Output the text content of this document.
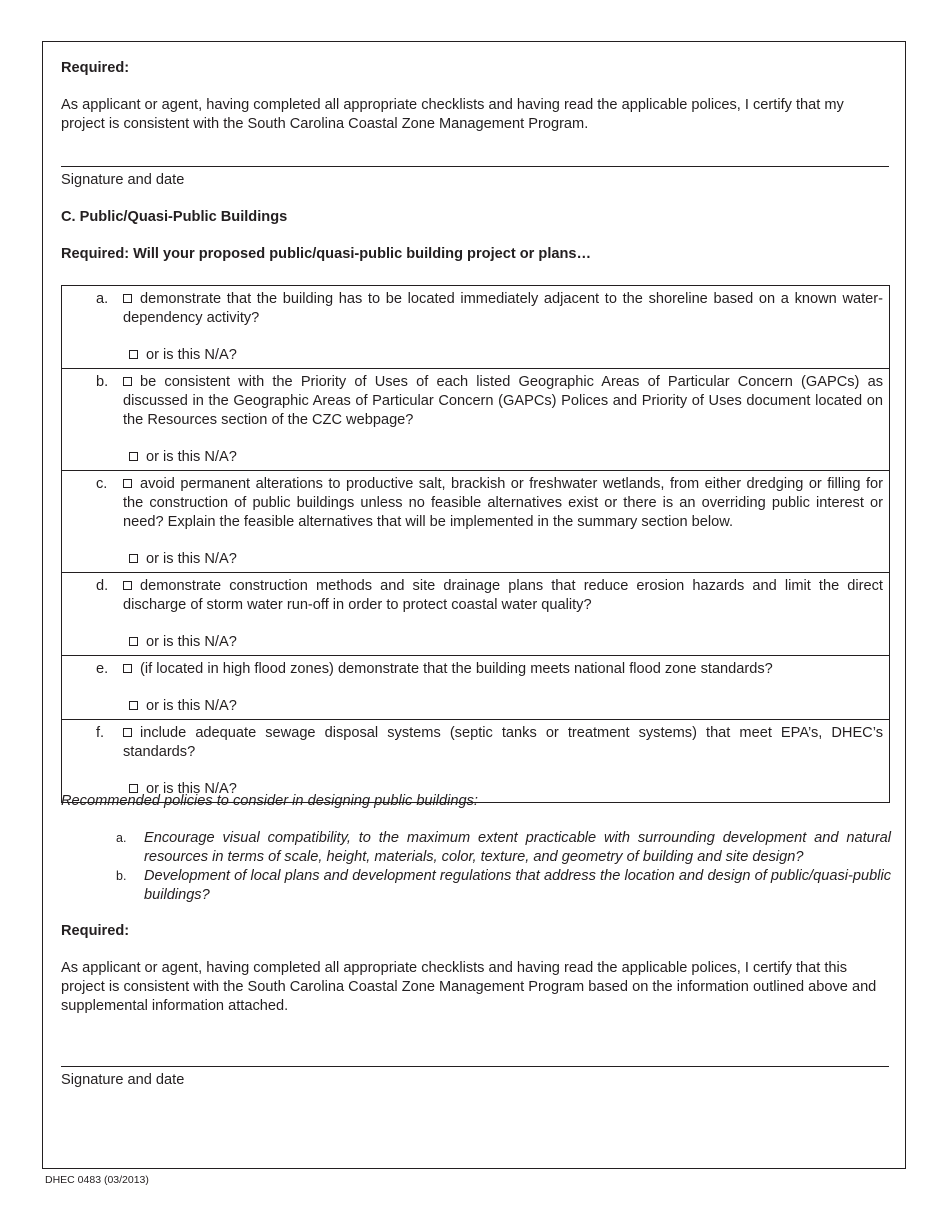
Required:
As applicant or agent, having completed all appropriate checklists and having read the applicable polices, I certify that my project is consistent with the South Carolina Coastal Zone Management Program.
Signature and date
C. Public/Quasi-Public Buildings
Required: Will your proposed public/quasi-public building project or plans…
a.	demonstrate that the building has to be located immediately adjacent to the shoreline based on a known water-dependency activity?
or is this N/A?

b.	be consistent with the Priority of Uses of each listed Geographic Areas of Particular Concern (GAPCs) as discussed in the Geographic Areas of Particular Concern (GAPCs) Polices and Priority of Uses document located on the Resources section of the CZC webpage?
or is this N/A?

c.	avoid permanent alterations to productive salt, brackish or freshwater wetlands, from either dredging or filling for the construction of public buildings unless no feasible alternatives exist or there is an overriding public interest or need? Explain the feasible alternatives that will be implemented in the summary section below.
or is this N/A?

d.	demonstrate construction methods and site drainage plans that reduce erosion hazards and limit the direct discharge of storm water run-off in order to protect coastal water quality?
or is this N/A?

e.	(if located in high flood zones) demonstrate that the building meets national flood zone standards?
or is this N/A?

f.	include adequate sewage disposal systems (septic tanks or treatment systems) that meet EPA’s, DHEC’s standards?
or is this N/A?
Recommended policies to consider in designing public buildings:
a. Encourage visual compatibility, to the maximum extent practicable with surrounding development and natural resources in terms of scale, height, materials, color, texture, and geometry of building and site design?
b. Development of local plans and development regulations that address the location and design of public/quasi-public buildings?
Required:
As applicant or agent, having completed all appropriate checklists and having read the applicable polices, I certify that this project is consistent with the South Carolina Coastal Zone Management Program based on the information outlined above and supplemental information attached.
Signature and date
DHEC 0483 (03/2013)
